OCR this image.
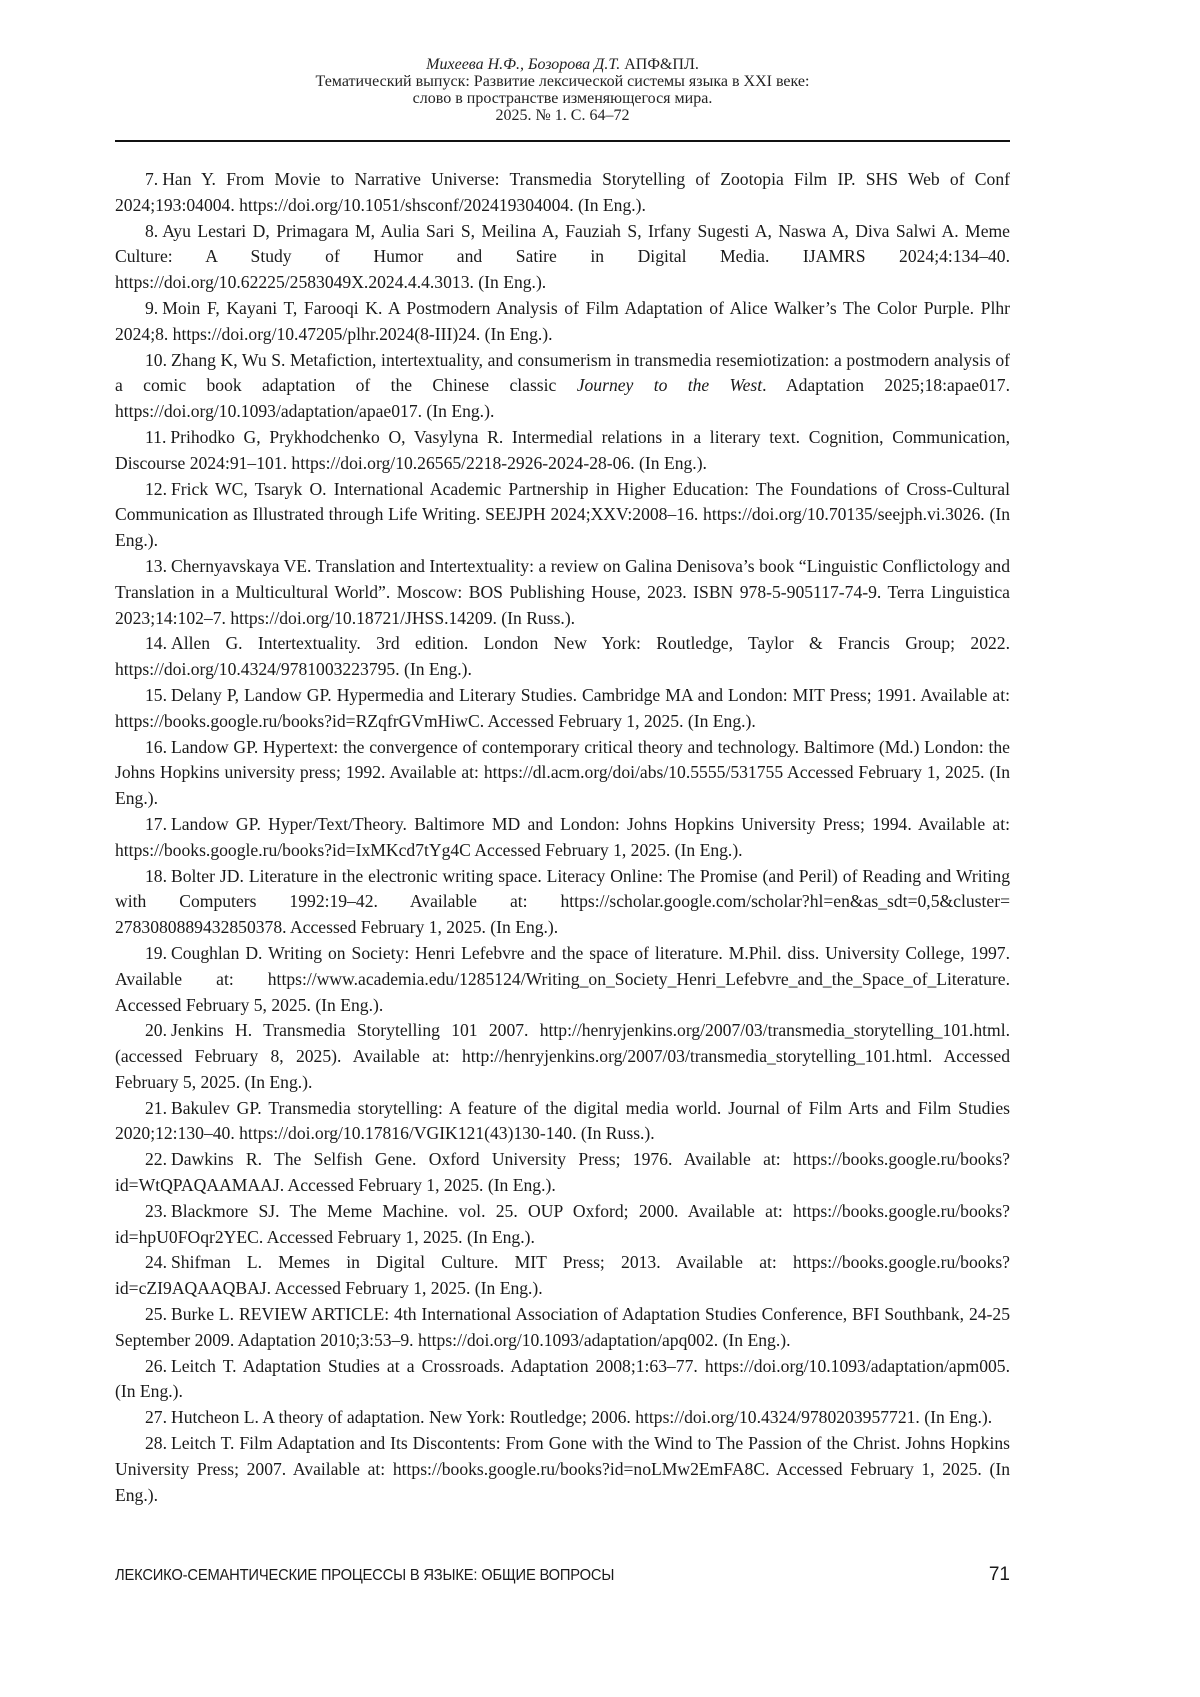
Михеева Н.Ф., Бозорова Д.Т. АПФ&ПЛ.
Тематический выпуск: Развитие лексической системы языка в XXI веке:
слово в пространстве изменяющегося мира.
2025. № 1. С. 64–72
7. Han Y. From Movie to Narrative Universe: Transmedia Storytelling of Zootopia Film IP. SHS Web of Conf 2024;193:04004. https://doi.org/10.1051/shsconf/202419304004. (In Eng.).
8. Ayu Lestari D, Primagara M, Aulia Sari S, Meilina A, Fauziah S, Irfany Sugesti A, Naswa A, Diva Salwi A. Meme Culture: A Study of Humor and Satire in Digital Media. IJAMRS 2024;4:134–40. https://doi.org/10.62225/2583049X.2024.4.4.3013. (In Eng.).
9. Moin F, Kayani T, Farooqi K. A Postmodern Analysis of Film Adaptation of Alice Walker’s The Color Purple. Plhr 2024;8. https://doi.org/10.47205/plhr.2024(8-III)24. (In Eng.).
10. Zhang K, Wu S. Metafiction, intertextuality, and consumerism in transmedia resemiotization: a postmodern analysis of a comic book adaptation of the Chinese classic Journey to the West. Adaptation 2025;18:apae017. https://doi.org/10.1093/adaptation/apae017. (In Eng.).
11. Prihodko G, Prykhodchenko O, Vasylyna R. Intermedial relations in a literary text. Cognition, Communication, Discourse 2024:91–101. https://doi.org/10.26565/2218-2926-2024-28-06. (In Eng.).
12. Frick WC, Tsaryk O. International Academic Partnership in Higher Education: The Foundations of Cross-Cultural Communication as Illustrated through Life Writing. SEEJPH 2024;XXV:2008–16. https://doi.org/10.70135/seejph.vi.3026. (In Eng.).
13. Chernyavskaya VE. Translation and Intertextuality: a review on Galina Denisova’s book “Linguistic Conflictology and Translation in a Multicultural World”. Moscow: BOS Publishing House, 2023. ISBN 978-5-905117-74-9. Terra Linguistica 2023;14:102–7. https://doi.org/10.18721/JHSS.14209. (In Russ.).
14. Allen G. Intertextuality. 3rd edition. London New York: Routledge, Taylor & Francis Group; 2022. https://doi.org/10.4324/9781003223795. (In Eng.).
15. Delany P, Landow GP. Hypermedia and Literary Studies. Cambridge MA and London: MIT Press; 1991. Available at: https://books.google.ru/books?id=RZqfrGVmHiwC. Accessed February 1, 2025. (In Eng.).
16. Landow GP. Hypertext: the convergence of contemporary critical theory and technology. Baltimore (Md.) London: the Johns Hopkins university press; 1992. Available at: https://dl.acm.org/doi/abs/10.5555/531755 Accessed February 1, 2025. (In Eng.).
17. Landow GP. Hyper/Text/Theory. Baltimore MD and London: Johns Hopkins University Press; 1994. Available at: https://books.google.ru/books?id=IxMKcd7tYg4C Accessed February 1, 2025. (In Eng.).
18. Bolter JD. Literature in the electronic writing space. Literacy Online: The Promise (and Peril) of Reading and Writing with Computers 1992:19–42. Available at: https://scholar.google.com/scholar?hl=en&as_sdt=0,5&cluster= 2783080889432850378. Accessed February 1, 2025. (In Eng.).
19. Coughlan D. Writing on Society: Henri Lefebvre and the space of literature. M.Phil. diss. University College, 1997. Available at: https://www.academia.edu/1285124/Writing_on_Society_Henri_Lefebvre_and_the_Space_of_Literature. Accessed February 5, 2025. (In Eng.).
20. Jenkins H. Transmedia Storytelling 101 2007. http://henryjenkins.org/2007/03/transmedia_storytelling_101.html. (accessed February 8, 2025). Available at: http://henryjenkins.org/2007/03/transmedia_storytelling_101.html. Accessed February 5, 2025. (In Eng.).
21. Bakulev GP. Transmedia storytelling: A feature of the digital media world. Journal of Film Arts and Film Studies 2020;12:130–40. https://doi.org/10.17816/VGIK121(43)130-140. (In Russ.).
22. Dawkins R. The Selfish Gene. Oxford University Press; 1976. Available at: https://books.google.ru/books?id=WtQPAQAAMAAJ. Accessed February 1, 2025. (In Eng.).
23. Blackmore SJ. The Meme Machine. vol. 25. OUP Oxford; 2000. Available at: https://books.google.ru/books?id=hpU0FOqr2YEC. Accessed February 1, 2025. (In Eng.).
24. Shifman L. Memes in Digital Culture. MIT Press; 2013. Available at: https://books.google.ru/books?id=cZI9AQAAQBAJ. Accessed February 1, 2025. (In Eng.).
25. Burke L. REVIEW ARTICLE: 4th International Association of Adaptation Studies Conference, BFI Southbank, 24-25 September 2009. Adaptation 2010;3:53–9. https://doi.org/10.1093/adaptation/apq002. (In Eng.).
26. Leitch T. Adaptation Studies at a Crossroads. Adaptation 2008;1:63–77. https://doi.org/10.1093/adaptation/apm005. (In Eng.).
27. Hutcheon L. A theory of adaptation. New York: Routledge; 2006. https://doi.org/10.4324/9780203957721. (In Eng.).
28. Leitch T. Film Adaptation and Its Discontents: From Gone with the Wind to The Passion of the Christ. Johns Hopkins University Press; 2007. Available at: https://books.google.ru/books?id=noLMw2EmFA8C. Accessed February 1, 2025. (In Eng.).
ЛЕКСИКО-СЕМАНТИЧЕСКИЕ ПРОЦЕССЫ В ЯЗЫКЕ: ОБЩИЕ ВОПРОСЫ	71
